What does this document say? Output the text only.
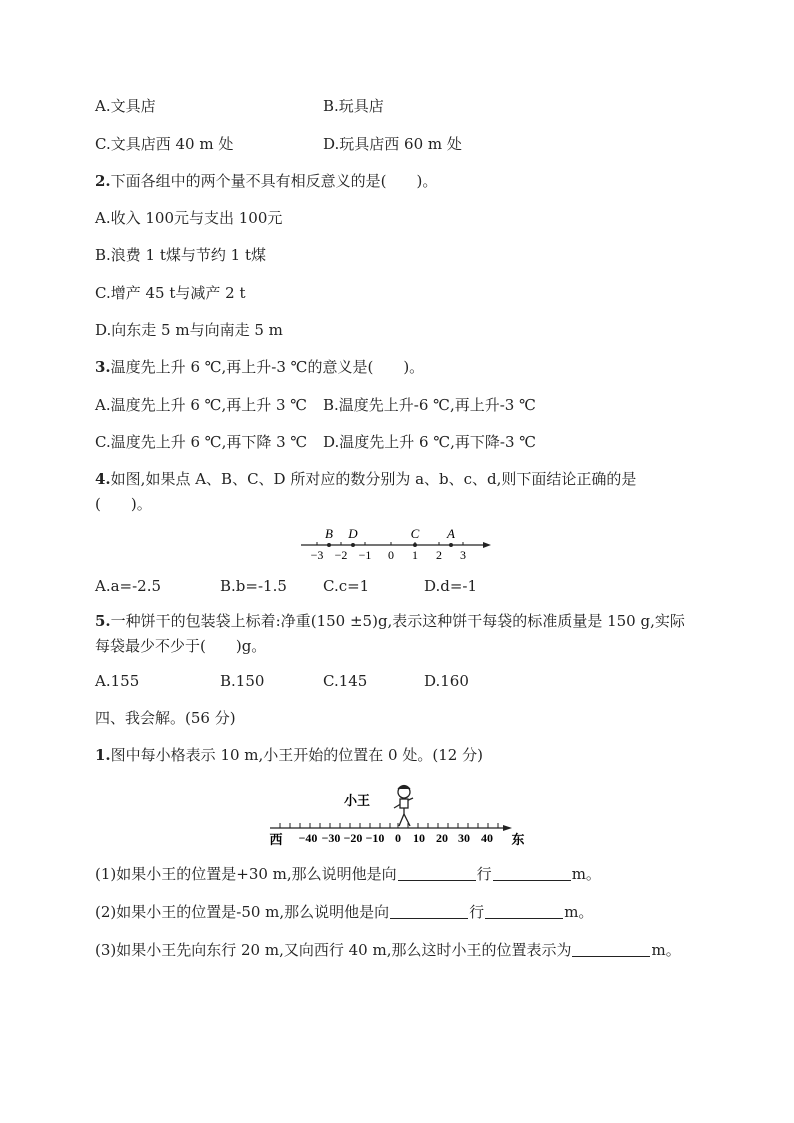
A.文具店	B.玩具店
C.文具店西 40 m 处	D.玩具店西 60 m 处
2.下面各组中的两个量不具有相反意义的是(　　)。
A.收入 100元与支出 100元
B.浪费 1 t煤与节约 1 t煤
C.增产 45 t与减产 2 t
D.向东走 5 m与向南走 5 m
3.温度先上升 6 ℃,再上升-3 ℃的意义是(　　)。
A.温度先上升 6 ℃,再上升 3 ℃ B.温度先上升-6 ℃,再上升-3 ℃
C.温度先上升 6 ℃,再下降 3 ℃ D.温度先上升 6 ℃,再下降-3 ℃
4.如图,如果点 A、B、C、D 所对应的数分别为 a、b、c、d,则下面结论正确的是
(　　)。
B D	C A
−3 −2 −1 0 1 2 3
A.a=-2.5	B.b=-1.5 C.c=1	D.d=-1
5.一种饼干的包装袋上标着:净重(150 ±5)g,表示这种饼干每袋的标准质量是 150 g,实际
每袋最少不少于(　　)g。
A.155	B.150	C.145	D.160
四、我会解。(56 分)
1.图中每小格表示 10 m,小王开始的位置在 0 处。(12 分)
小王
西	东
−40 −30 −20 −10 0 10 20 30 40
(1)如果小王的位置是+30 m,那么说明他是向	行	m。
(2)如果小王的位置是-50 m,那么说明他是向	行	m。
(3)如果小王先向东行 20 m,又向西行 40 m,那么这时小王的位置表示为	m。
